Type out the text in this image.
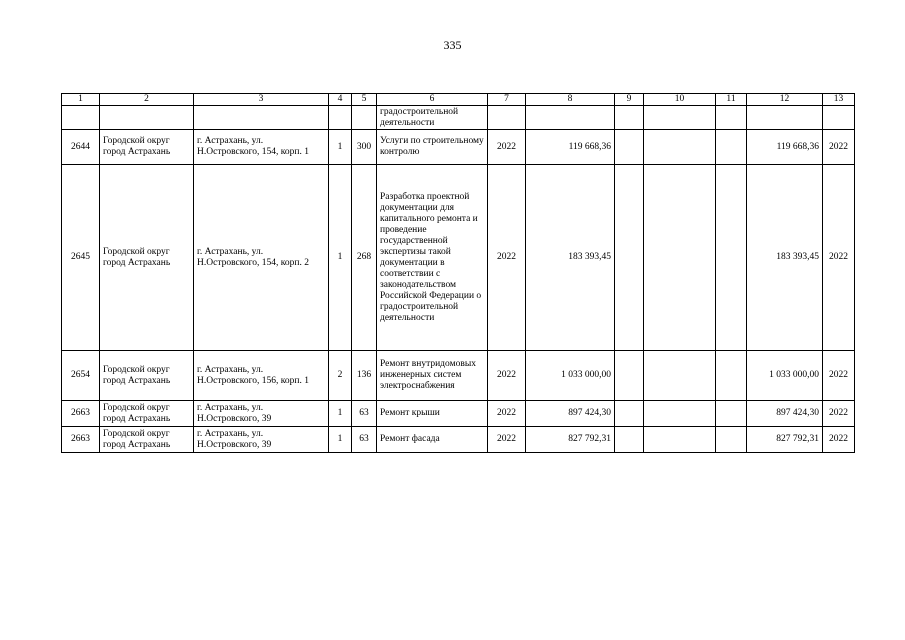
335
1	2	3	4	5	6	7	8	9	10	11	12	13
					градостроительной деятельности							
2644	Городской округ город Астрахань	г. Астрахань, ул. Н.Островского, 154, корп. 1	1	300	Услуги по строительному контролю	2022	119 668,36				119 668,36	2022
2645	Городской округ город Астрахань	г. Астрахань, ул. Н.Островского, 154, корп. 2	1	268	Разработка проектной документации для капитального ремонта и проведение государственной экспертизы такой документации в соответствии с законодательством Российской Федерации о градостроительной деятельности	2022	183 393,45				183 393,45	2022
2654	Городской округ город Астрахань	г. Астрахань, ул. Н.Островского, 156, корп. 1	2	136	Ремонт внутридомовых инженерных систем электроснабжения	2022	1 033 000,00				1 033 000,00	2022
2663	Городской округ город Астрахань	г. Астрахань, ул. Н.Островского, 39	1	63	Ремонт крыши	2022	897 424,30				897 424,30	2022
2663	Городской округ город Астрахань	г. Астрахань, ул. Н.Островского, 39	1	63	Ремонт фасада	2022	827 792,31				827 792,31	2022
